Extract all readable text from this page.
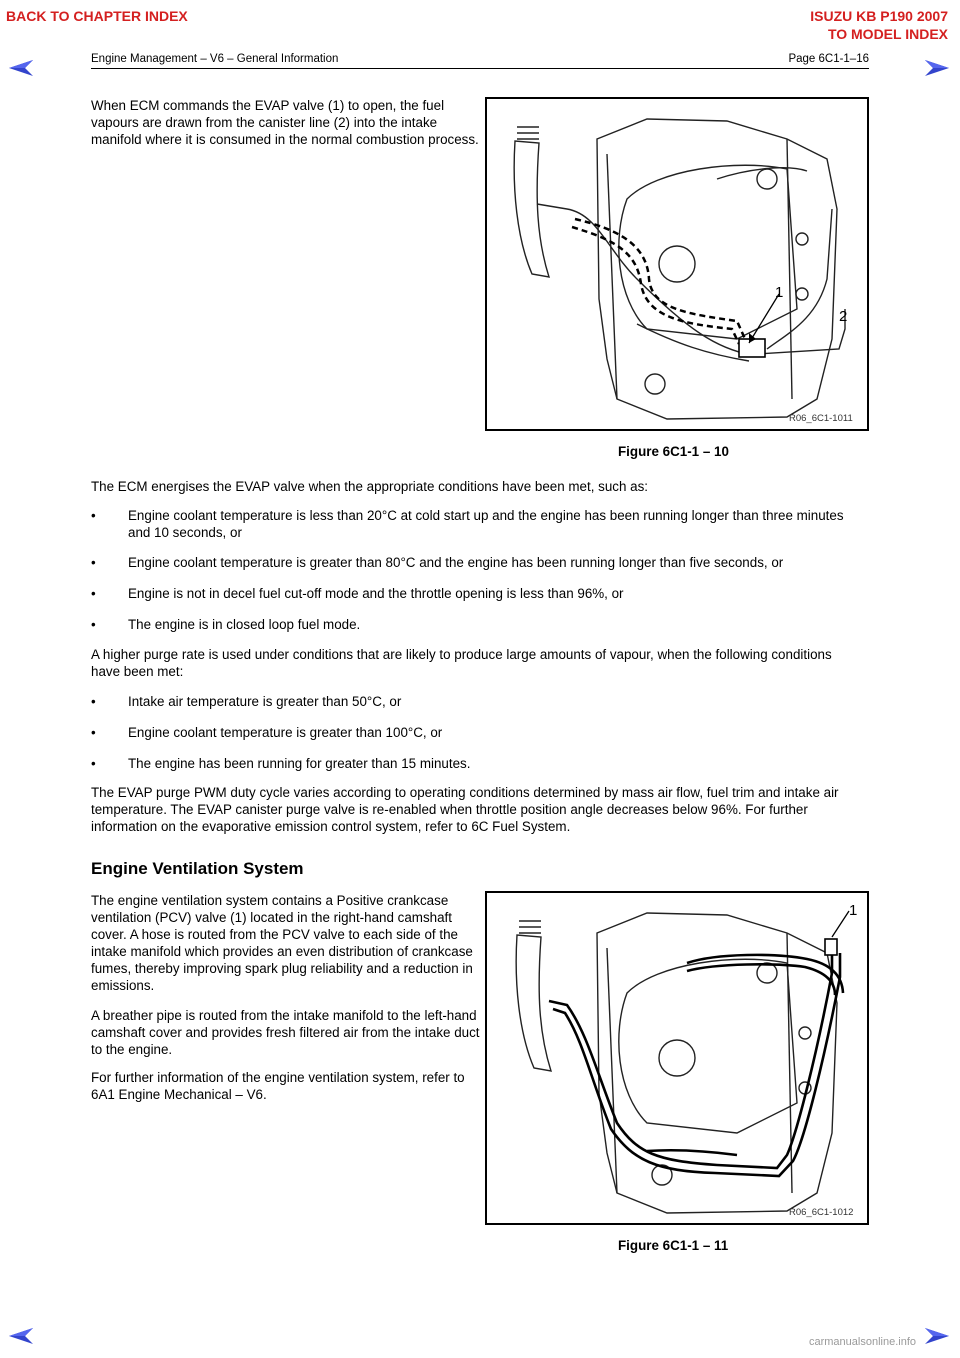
BACK TO CHAPTER INDEX	ISUZU KB P190 2007
TO MODEL INDEX
Engine Management – V6 – General Information	Page 6C1-1–16
When ECM commands the EVAP valve (1) to open, the fuel vapours are drawn from the canister line (2) into the intake manifold where it is consumed in the normal combustion process.
1
2
R06_6C1-1011
Figure 6C1-1 – 10
The ECM energises the EVAP valve when the appropriate conditions have been met, such as:
• Engine coolant temperature is less than 20°C at cold start up and the engine has been running longer than three minutes and 10 seconds, or
• Engine coolant temperature is greater than 80°C and the engine has been running longer than five seconds, or
• Engine is not in decel fuel cut-off mode and the throttle opening is less than 96%, or
• The engine is in closed loop fuel mode.
A higher purge rate is used under conditions that are likely to produce large amounts of vapour, when the following conditions have been met:
• Intake air temperature is greater than 50°C, or
• Engine coolant temperature is greater than 100°C, or
• The engine has been running for greater than 15 minutes.
The EVAP purge PWM duty cycle varies according to operating conditions determined by mass air flow, fuel trim and intake air temperature. The EVAP canister purge valve is re-enabled when throttle position angle decreases below 96%. For further information on the evaporative emission control system, refer to 6C Fuel System.
Engine Ventilation System
The engine ventilation system contains a Positive crankcase ventilation (PCV) valve (1) located in the right-hand camshaft cover. A hose is routed from the PCV valve to each side of the intake manifold which provides an even distribution of crankcase fumes, thereby improving spark plug reliability and a reduction in emissions.
A breather pipe is routed from the intake manifold to the left-hand camshaft cover and provides fresh filtered air from the intake duct to the engine.
For further information of the engine ventilation system, refer to 6A1 Engine Mechanical – V6.
1
R06_6C1-1012
Figure 6C1-1 – 11
carmanualsonline.info
